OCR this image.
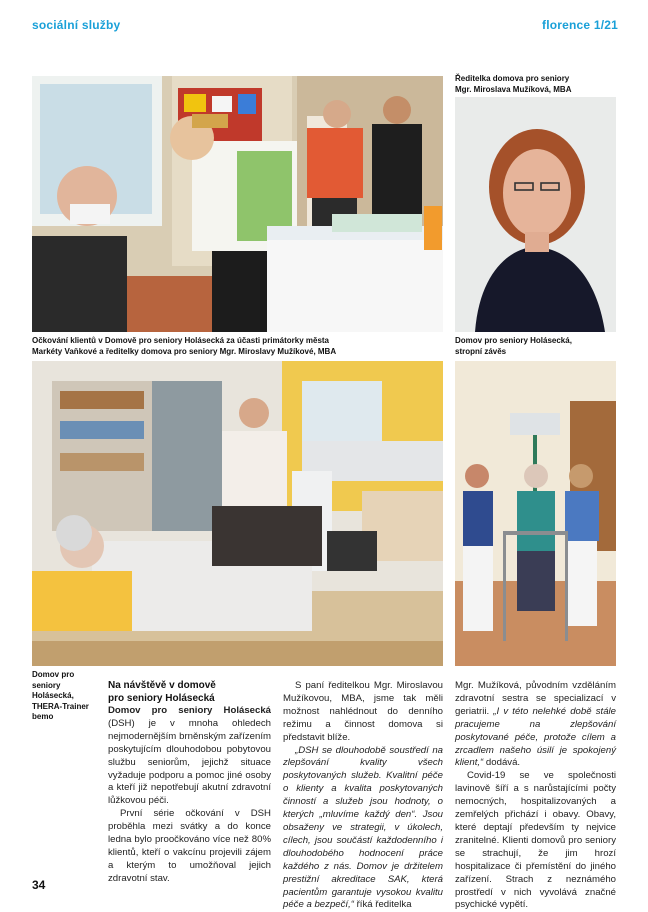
sociální služby	florence 1/21
Ředitelka domova pro seniory
Mgr. Miroslava Mužíková, MBA
Očkování klientů v Domově pro seniory Holásecká za účasti primátorky města
Markéty Vaňkové a ředitelky domova pro seniory Mgr. Miroslavy Mužíkové, MBA
Domov pro seniory Holásecká,
stropní závěs
Domov pro
seniory
Holásecká,
THERA-Trainer
bemo

Na návštěvě v domově
pro seniory Holásecká

Domov pro seniory Holásecká (DSH) je v mnoha ohledech nejmodernějším brněnským zařízením poskytujícím dlouhodobou pobytovou službu seniorům, jejichž situace vyžaduje podporu a pomoc jiné osoby a kteří již nepotřebují akutní zdravotní lůžkovou péči.

První série očkování v DSH proběhla mezi svátky a do konce ledna bylo proočkováno více než 80% klientů, kteří o vakcínu projevili zájem a kterým to umožňoval jejich zdravotní stav.

S paní ředitelkou Mgr. Miroslavou Mužíkovou, MBA, jsme tak měli možnost nahlédnout do denního režimu a činnost domova si představit blíže.

„DSH se dlouhodobě soustředí na zlepšování kvality všech poskytovaných služeb. Kvalitní péče o klienty a kvalita poskytovaných činností a služeb jsou hodnoty, o kterých „mluvíme každý den“. Jsou obsaženy ve strategii, v úkolech, cílech, jsou součástí každodenního i dlouhodobého hodnocení práce každého z nás. Domov je držitelem prestižní akreditace SAK, která pacientům garantuje vysokou kvalitu péče a bezpečí,“ říká ředitelka

Mgr. Mužíková, původním vzděláním zdravotní sestra se specializací v geriatrii. „I v této nelehké době stále pracujeme na zlepšování poskytované péče, protože cílem a zrcadlem našeho úsilí je spokojený klient,“ dodává.

Covid-19 se ve společnosti lavinově šíří a s narůstajícími počty nemocných, hospitalizovaných a zemřelých přichází i obavy. Obavy, které deptají především ty nejvice zranitelné. Klienti domovů pro seniory se strachují, že jim hrozí hospitalizace či přemístění do jiného zařízení. Strach z neznámého prostředí v nich vyvolává značné psychické vypětí.

34
